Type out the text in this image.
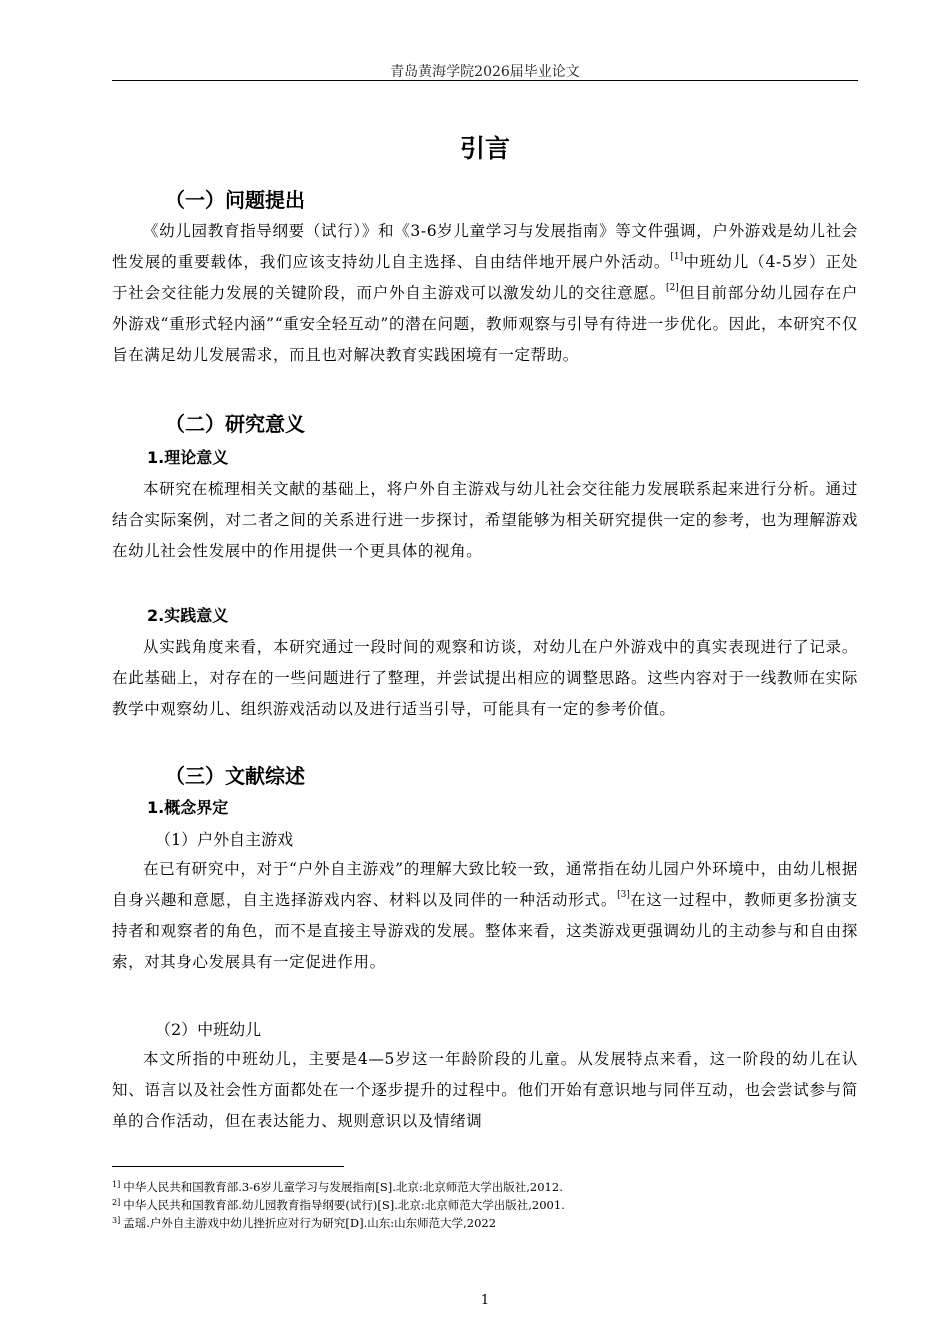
青岛黄海学院2026届毕业论文
引言
（一）问题提出

《幼儿园教育指导纲要（试行）》和《3-6岁儿童学习与发展指南》等文件强调，户外游戏是幼儿社会性发展的重要载体，我们应该支持幼儿自主选择、自由结伴地开展户外活动。[1]中班幼儿（4-5岁）正处于社会交往能力发展的关键阶段，而户外自主游戏可以激发幼儿的交往意愿。[2]但目前部分幼儿园存在户外游戏“重形式轻内涵”“重安全轻互动”的潜在问题，教师观察与引导有待进一步优化。因此，本研究不仅旨在满足幼儿发展需求，而且也对解决教育实践困境有一定帮助。

（二）研究意义
1.理论意义

本研究在梳理相关文献的基础上，将户外自主游戏与幼儿社会交往能力发展联系起来进行分析。通过结合实际案例，对二者之间的关系进行进一步探讨，希望能够为相关研究提供一定的参考，也为理解游戏在幼儿社会性发展中的作用提供一个更具体的视角。

2.实践意义

从实践角度来看，本研究通过一段时间的观察和访谈，对幼儿在户外游戏中的真实表现进行了记录。在此基础上，对存在的一些问题进行了整理，并尝试提出相应的调整思路。这些内容对于一线教师在实际教学中观察幼儿、组织游戏活动以及进行适当引导，可能具有一定的参考价值。

（三）文献综述
1.概念界定
（1）户外自主游戏

在已有研究中，对于“户外自主游戏”的理解大致比较一致，通常指在幼儿园户外环境中，由幼儿根据自身兴趣和意愿，自主选择游戏内容、材料以及同伴的一种活动形式。[3]在这一过程中，教师更多扮演支持者和观察者的角色，而不是直接主导游戏的发展。整体来看，这类游戏更强调幼儿的主动参与和自由探索，对其身心发展具有一定促进作用。

（2）中班幼儿

本文所指的中班幼儿，主要是4—5岁这一年龄阶段的儿童。从发展特点来看，这一阶段的幼儿在认知、语言以及社会性方面都处在一个逐步提升的过程中。他们开始有意识地与同伴互动，也会尝试参与简单的合作活动，但在表达能力、规则意识以及情绪调

$^{1]}$ 中华人民共和国教育部.3-6岁儿童学习与发展指南[S].北京:北京师范大学出版社,2012.
$^{2]}$ 中华人民共和国教育部.幼儿园教育指导纲要(试行)[S].北京:北京师范大学出版社,2001.
$^{3]}$ 孟瑶.户外自主游戏中幼儿挫折应对行为研究[D].山东:山东师范大学,2022
1
